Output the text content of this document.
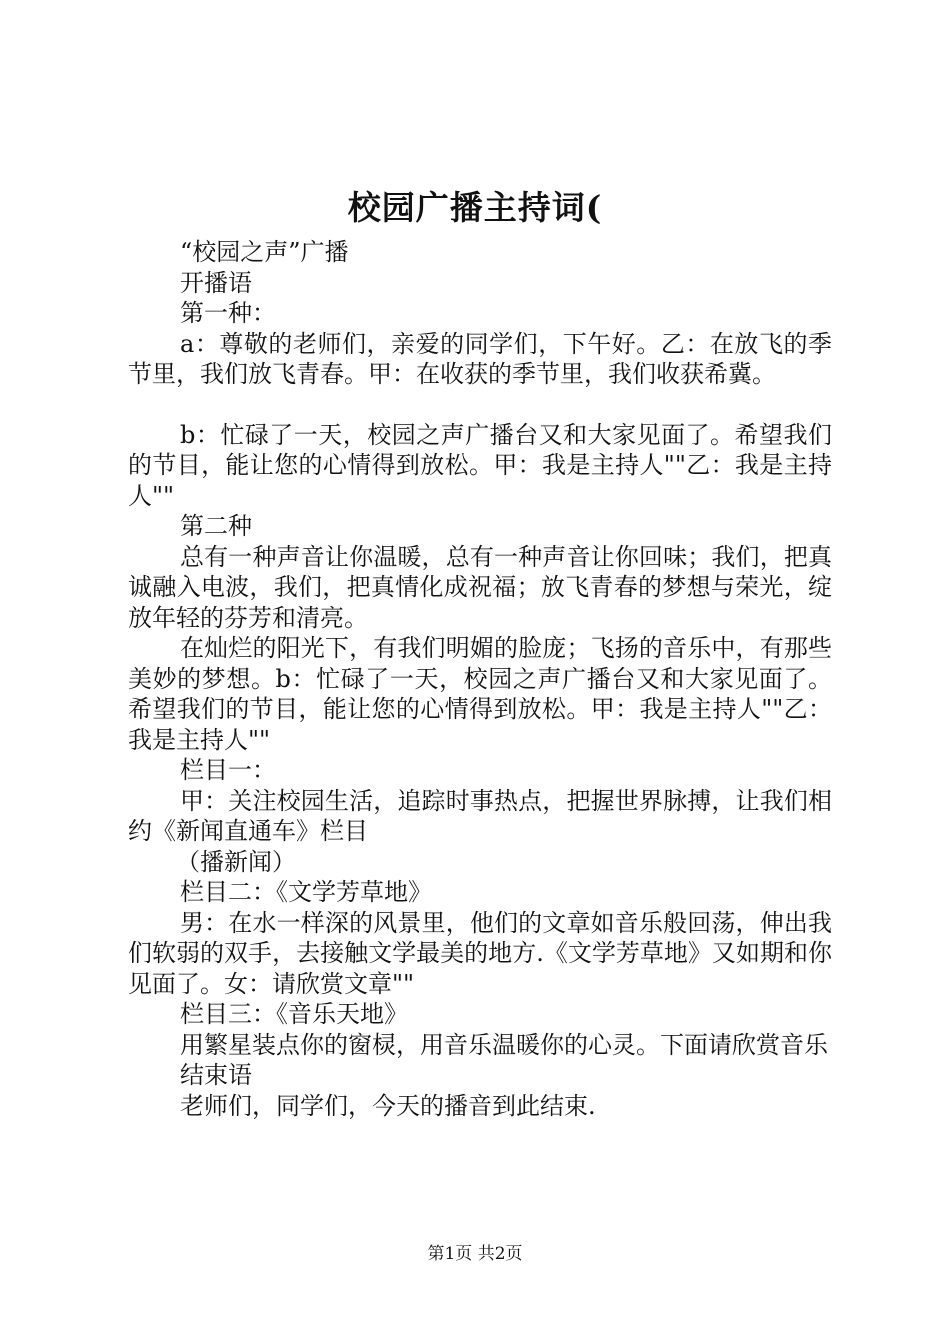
校园广播主持词(

“校园之声”广播

开播语

第一种：

a：尊敬的老师们，亲爱的同学们，下午好。乙：在放飞的季节里，我们放飞青春。甲：在收获的季节里，我们收获希冀。

b：忙碌了一天，校园之声广播台又和大家见面了。希望我们的节目，能让您的心情得到放松。甲：我是主持人""乙：我是主持人""

第二种

总有一种声音让你温暖，总有一种声音让你回味；我们，把真诚融入电波，我们，把真情化成祝福；放飞青春的梦想与荣光，绽放年轻的芬芳和清亮。

在灿烂的阳光下，有我们明媚的脸庞；飞扬的音乐中，有那些美妙的梦想。b：忙碌了一天，校园之声广播台又和大家见面了。希望我们的节目，能让您的心情得到放松。甲：我是主持人""乙：我是主持人""

栏目一：

甲：关注校园生活，追踪时事热点，把握世界脉搏，让我们相约《新闻直通车》栏目

（播新闻）

栏目二：《文学芳草地》

男：在水一样深的风景里，他们的文章如音乐般回荡，伸出我们软弱的双手，去接触文学最美的地方.《文学芳草地》又如期和你见面了。女：请欣赏文章""

栏目三：《音乐天地》

用繁星装点你的窗棂，用音乐温暖你的心灵。下面请欣赏音乐

结束语

老师们，同学们，今天的播音到此结束.

第1页 共2页
